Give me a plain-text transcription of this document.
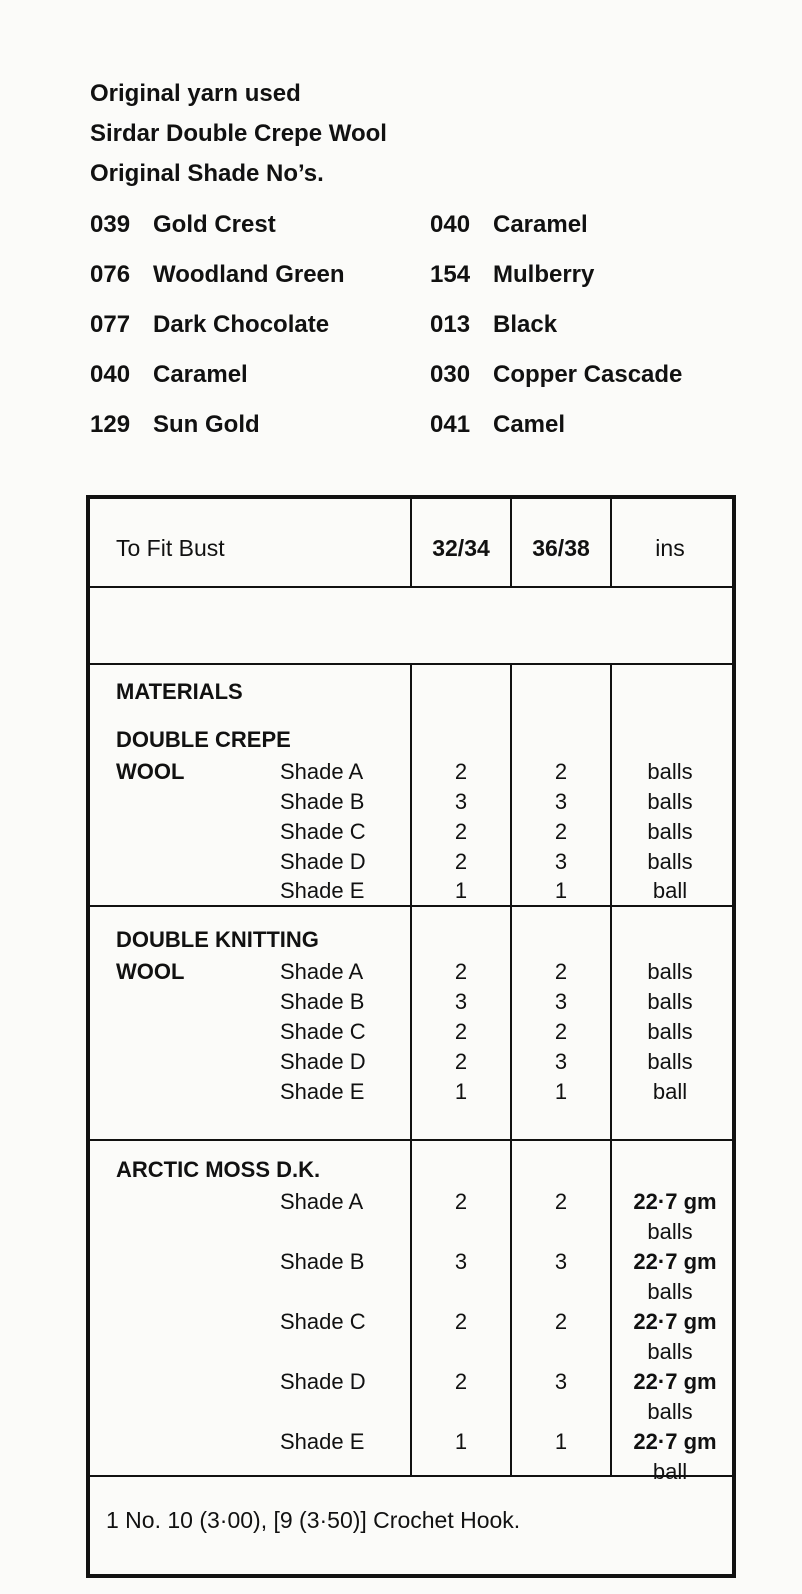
Original yarn used
Sirdar Double Crepe Wool
Original Shade No’s.
039 Gold Crest	040 Caramel
076 Woodland Green	154 Mulberry
077 Dark Chocolate	013 Black
040 Caramel	030 Copper Cascade
129 Sun Gold	041 Camel
To Fit Bust	32/34	36/38	ins
MATERIALS
DOUBLE CREPE
WOOL	Shade A	2	2	balls
Shade B	3	3	balls
Shade C	2	2	balls
Shade D	2	3	balls
Shade E	1	1	ball
DOUBLE KNITTING
WOOL	Shade A	2	2	balls
Shade B	3	3	balls
Shade C	2	2	balls
Shade D	2	3	balls
Shade E	1	1	ball
ARCTIC MOSS D.K.
Shade A	2	2	22·7 gm
balls
Shade B	3	3	22·7 gm
balls
Shade C	2	2	22·7 gm
balls
Shade D	2	3	22·7 gm
balls
Shade E	1	1	22·7 gm
ball
1 No. 10 (3·00), [9 (3·50)] Crochet Hook.
